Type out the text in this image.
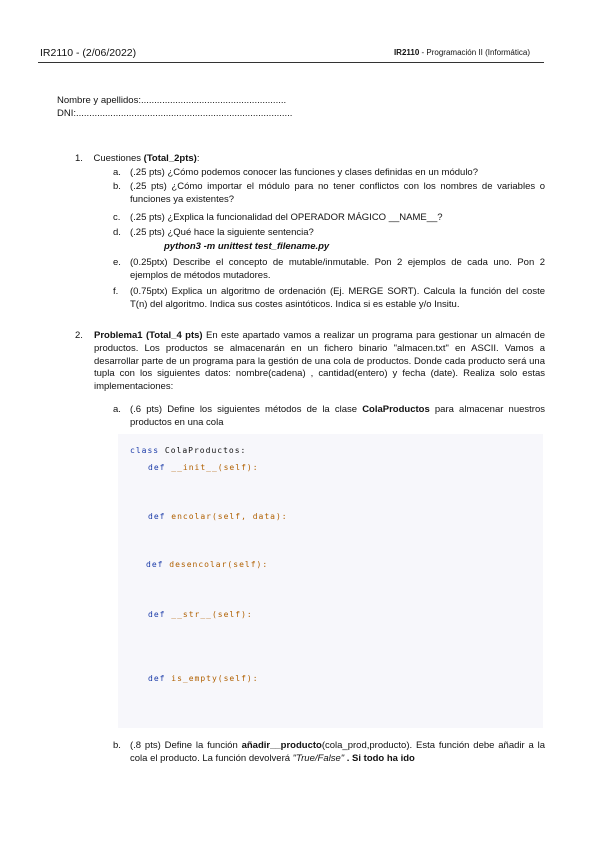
IR2110 - (2/06/2022)	IR2110 - Programación II (Informática)
Nombre y apellidos:.......................................................
DNI:..................................................................................
1. Cuestiones (Total_2pts):
a. (.25 pts) ¿Cómo podemos conocer las funciones y clases definidas en un módulo?
b. (.25 pts) ¿Cómo importar el módulo para no tener conflictos con los nombres de variables o funciones ya existentes?
c. (.25 pts) ¿Explica la funcionalidad del OPERADOR MÁGICO __NAME__?
d. (.25 pts) ¿Qué hace la siguiente sentencia?
python3 -m unittest test_filename.py
e. (0.25ptx) Describe el concepto de mutable/inmutable. Pon 2 ejemplos de cada uno. Pon 2 ejemplos de métodos mutadores.
f. (0.75ptx) Explica un algoritmo de ordenación (Ej. MERGE SORT). Calcula la función del coste T(n) del algoritmo. Indica sus costes asintóticos. Indica si es estable y/o Insitu.
2. Problema1 (Total_4 pts) En este apartado vamos a realizar un programa para gestionar un almacén de productos. Los productos se almacenarán en un fichero binario "almacen.txt" en ASCII. Vamos a desarrollar parte de un programa para la gestión de una cola de productos. Donde cada producto será una tupla con los siguientes datos: nombre(cadena) , cantidad(entero) y fecha (date). Realiza solo estas implementaciones:
a. (.6 pts) Define los siguientes métodos de la clase ColaProductos para almacenar nuestros productos en una cola
class ColaProductos:
def __init__(self):
def encolar(self, data):
def desencolar(self):
def __str__(self):
def is_empty(self):
b. (.8 pts) Define la función añadir__producto(cola_prod,producto). Esta función debe añadir a la cola el producto. La función devolverá "True/False" . Si todo ha ido
